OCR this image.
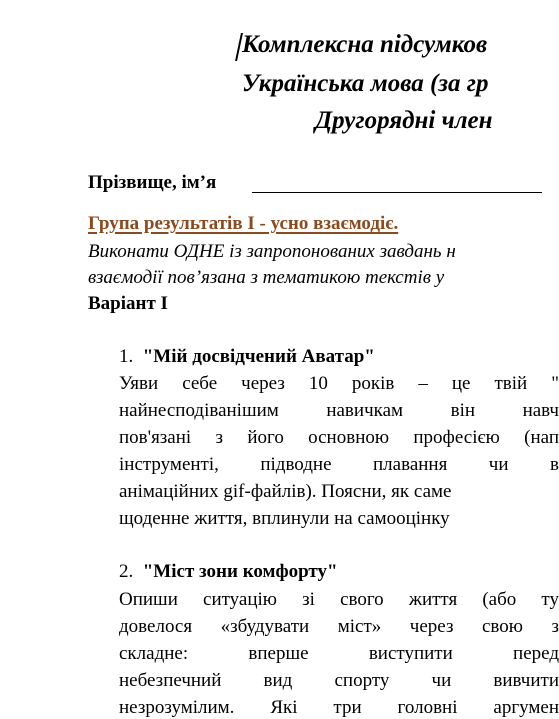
Комплексна підсумков
Українська мова (за гр
Другорядні член
Прізвище, ім’я
Група результатів І - усно взаємодіє.
Виконати ОДНЕ із запропонованих завдань н
взаємодії пов’язана з тематикою текстів у
Варіант І
1. "Мій досвідчений Аватар"
Уяви себе через 10 років – це твій "
найнесподіванішим навичкам він навч
пов'язані з його основною професією (нап
інструменті, підводне плавання чи в
анімаційних gif-файлів). Поясни, як саме
щоденне життя, вплинули на самооцінку
2. "Міст зони комфорту"
Опиши ситуацію зі свого життя (або ту
довелося «збудувати міст» через свою з
складне: вперше виступити перед
небезпечний вид спорту чи вивчити
незрозумілим. Які три головні аргумен
